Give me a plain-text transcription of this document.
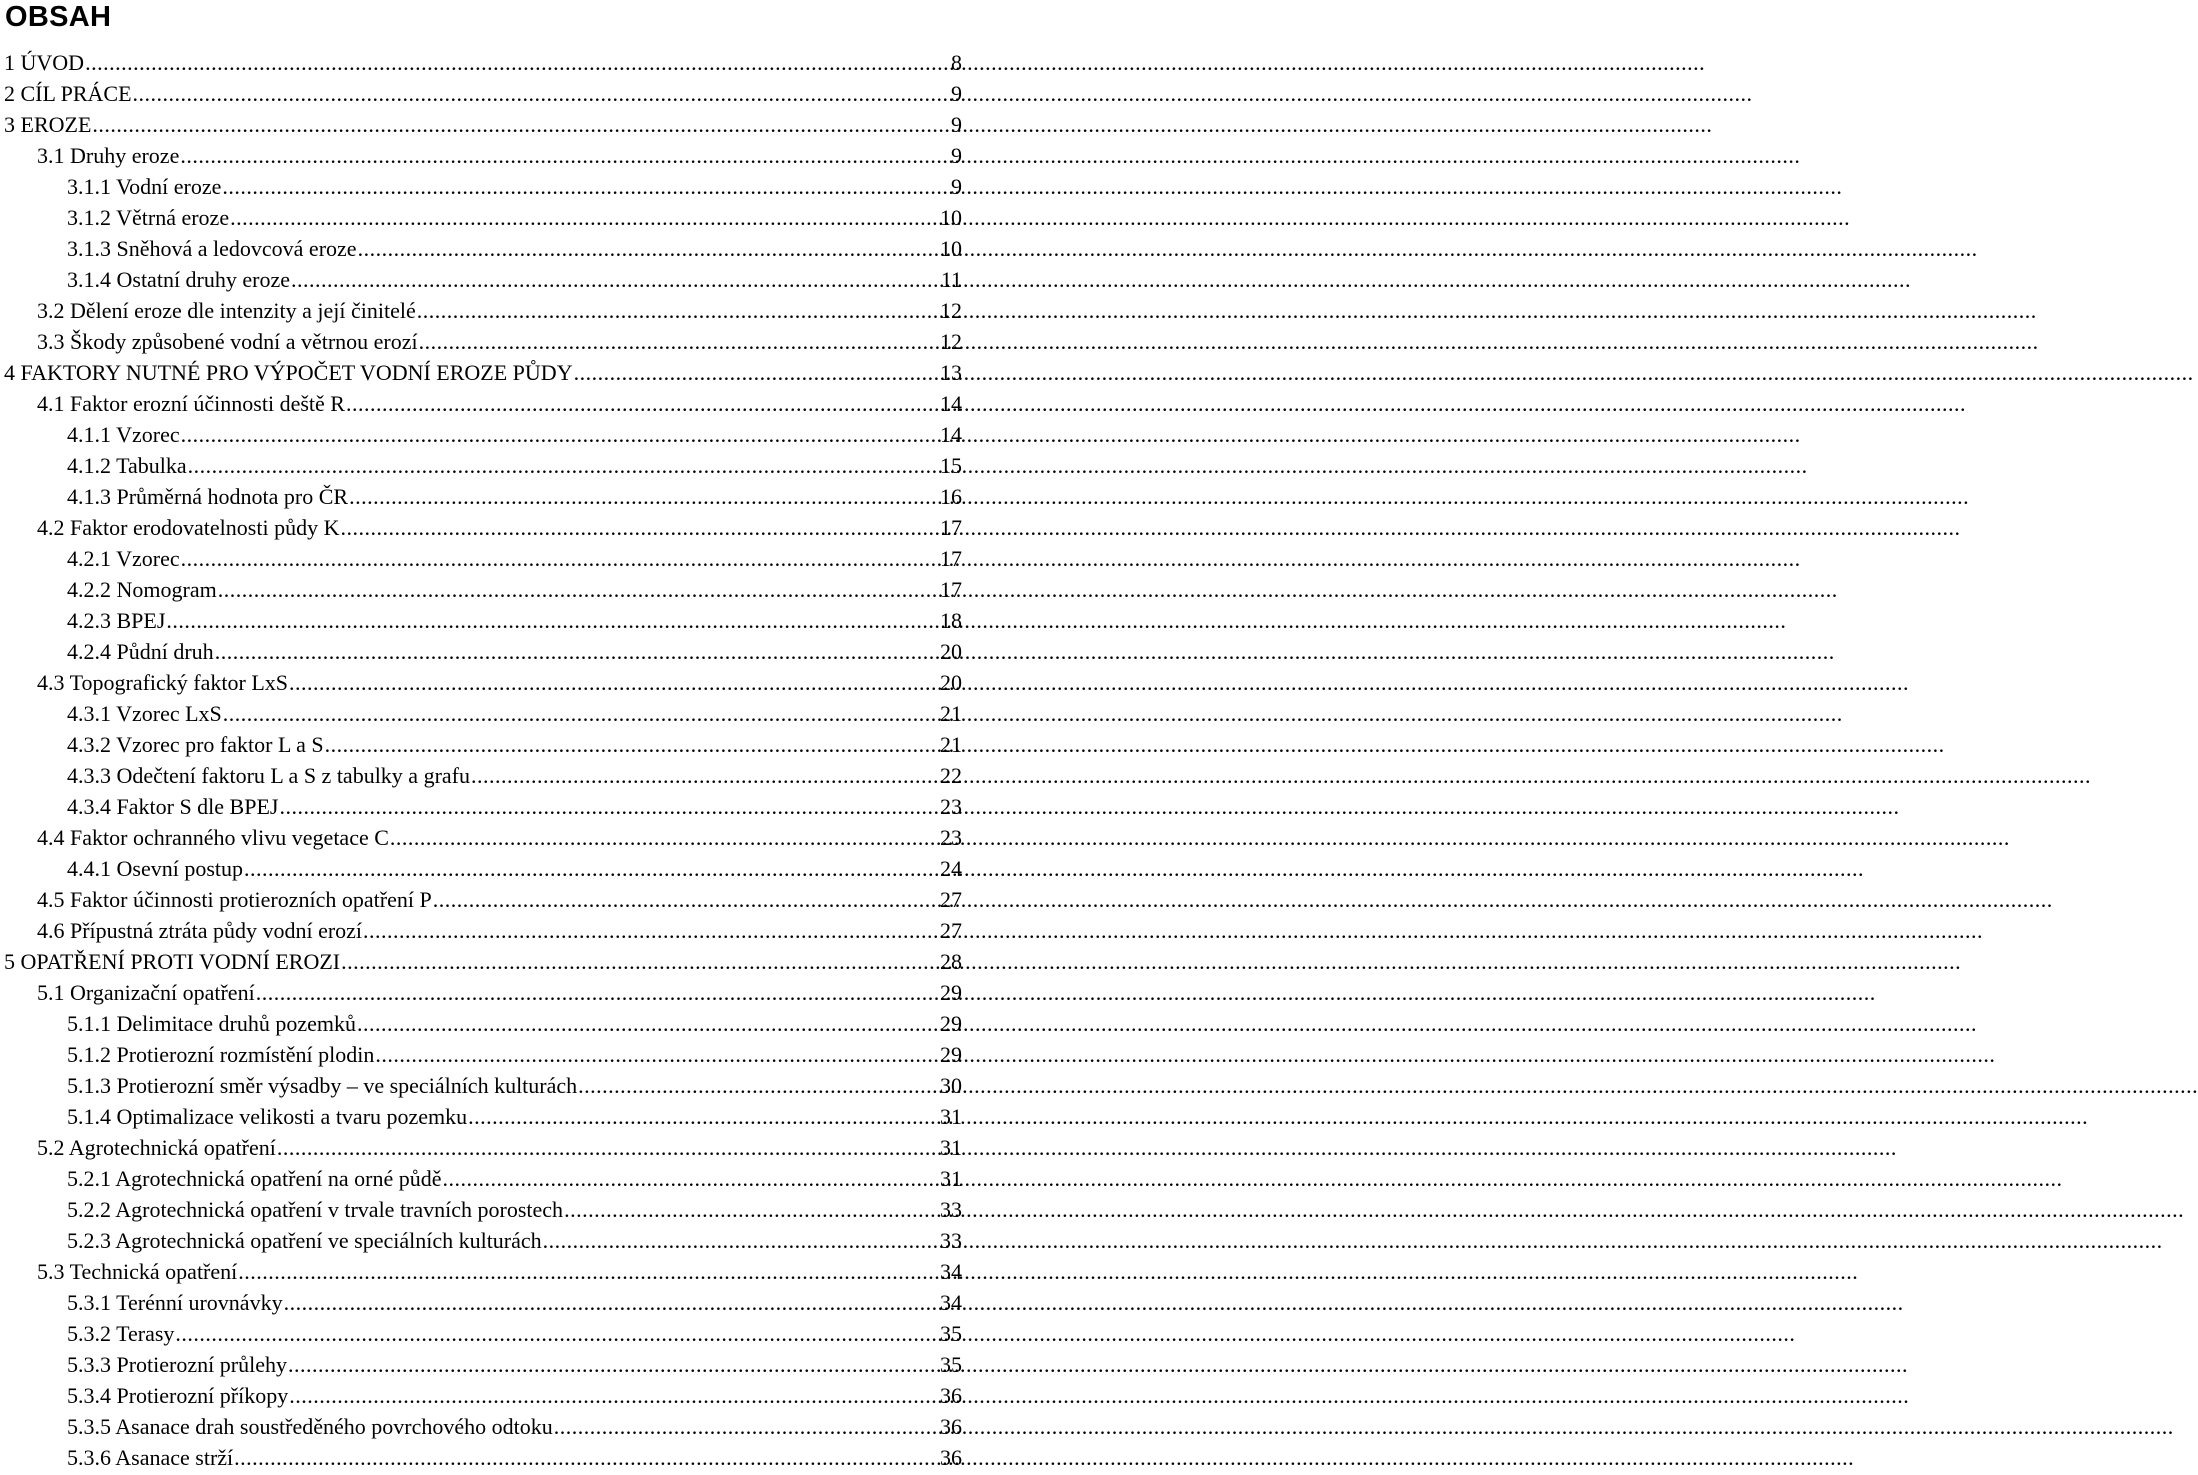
OBSAH
1 ÚVOD .....	8
2 CÍL PRÁCE .....	9
3 EROZE .....	9
3.1 Druhy eroze .....	9
3.1.1 Vodní eroze .....	9
3.1.2 Větrná eroze .....	10
3.1.3 Sněhová a ledovcová eroze .....	10
3.1.4 Ostatní druhy eroze .....	11
3.2 Dělení eroze dle intenzity a její činitelé .....	12
3.3 Škody způsobené vodní a větrnou erozí .....	12
4 FAKTORY NUTNÉ PRO VÝPOČET VODNÍ EROZE PŮDY .....	13
4.1 Faktor erozní účinnosti deště R .....	14
4.1.1 Vzorec .....	14
4.1.2 Tabulka .....	15
4.1.3 Průměrná hodnota pro ČR .....	16
4.2 Faktor erodovatelnosti půdy K .....	17
4.2.1 Vzorec .....	17
4.2.2 Nomogram .....	17
4.2.3 BPEJ .....	18
4.2.4 Půdní druh .....	20
4.3 Topografický faktor LxS .....	20
4.3.1 Vzorec LxS .....	21
4.3.2 Vzorec pro faktor L a S .....	21
4.3.3 Odečtení faktoru L a S z tabulky a grafu .....	22
4.3.4 Faktor S dle BPEJ .....	23
4.4 Faktor ochranného vlivu vegetace C .....	23
4.4.1 Osevní postup .....	24
4.5 Faktor účinnosti protierozních opatření P .....	27
4.6 Přípustná ztráta půdy vodní erozí .....	27
5 OPATŘENÍ PROTI VODNÍ EROZI .....	28
5.1 Organizační opatření .....	29
5.1.1 Delimitace druhů pozemků .....	29
5.1.2 Protierozní rozmístění plodin .....	29
5.1.3 Protierozní směr výsadby – ve speciálních kulturách .....	30
5.1.4 Optimalizace velikosti a tvaru pozemku .....	31
5.2 Agrotechnická opatření .....	31
5.2.1 Agrotechnická opatření na orné půdě .....	31
5.2.2 Agrotechnická opatření v trvale travních porostech .....	33
5.2.3 Agrotechnická opatření ve speciálních kulturách .....	33
5.3 Technická opatření .....	34
5.3.1 Terénní urovnávky .....	34
5.3.2 Terasy .....	35
5.3.3 Protierozní průlehy .....	35
5.3.4 Protierozní příkopy .....	36
5.3.5 Asanace drah soustředěného povrchového odtoku .....	36
5.3.6 Asanace strží .....	36
